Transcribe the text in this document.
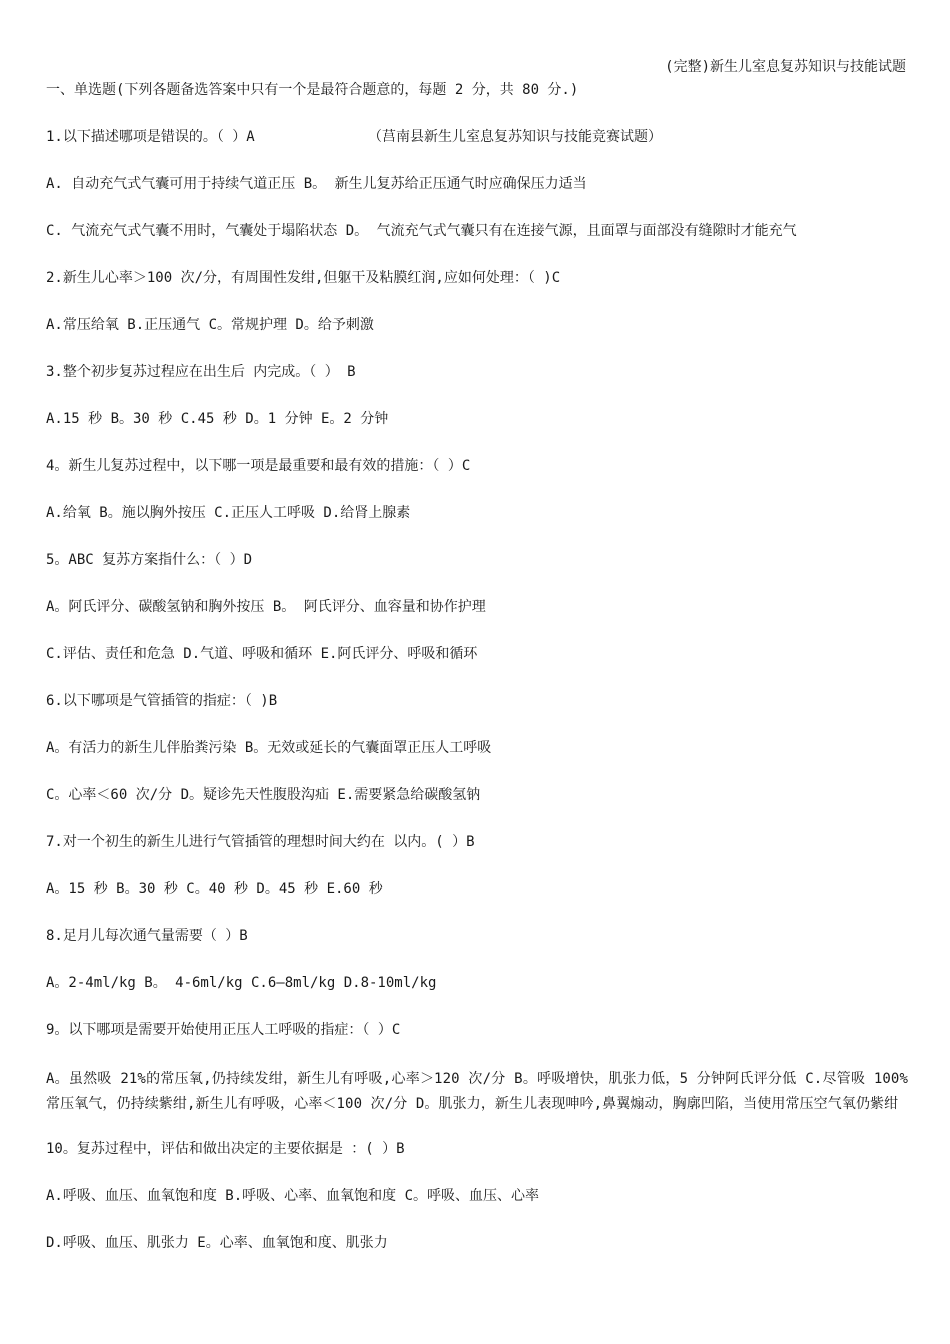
(完整)新生儿室息复苏知识与技能试题
一、单选题(下列各题备选答案中只有一个是最符合题意的，每题 2 分，共 80 分.)
1.以下描述哪项是错误的。（ ）A	（莒南县新生儿室息复苏知识与技能竞赛试题）
A. 自动充气式气囊可用于持续气道正压 B。 新生儿复苏给正压通气时应确保压力适当
C. 气流充气式气囊不用时，气囊处于塌陷状态 D。 气流充气式气囊只有在连接气源，且面罩与面部没有缝隙时才能充气
2.新生儿心率＞100 次/分，有周围性发绀,但躯干及粘膜红润,应如何处理：（ )C
A.常压给氧 B.正压通气 C。常规护理 D。给予刺激
3.整个初步复苏过程应在出生后 内完成。（ ） B
A.15 秒 B。30 秒 C.45 秒 D。1 分钟 E。2 分钟
4。新生儿复苏过程中，以下哪一项是最重要和最有效的措施：（ ）C
A.给氧 B。施以胸外按压 C.正压人工呼吸 D.给肾上腺素
5。ABC 复苏方案指什么：（ ）D
A。阿氏评分、碳酸氢钠和胸外按压 B。 阿氏评分、血容量和协作护理
C.评估、责任和危急 D.气道、呼吸和循环 E.阿氏评分、呼吸和循环
6.以下哪项是气管插管的指症：（ )B
A。有活力的新生儿伴胎粪污染 B。无效或延长的气囊面罩正压人工呼吸
C。心率＜60 次/分 D。疑诊先天性腹股沟疝 E.需要紧急给碳酸氢钠
7.对一个初生的新生儿进行气管插管的理想时间大约在 以内。( ）B
A。15 秒 B。30 秒 C。40 秒 D。45 秒 E.60 秒
8.足月儿每次通气量需要（ ）B
A。2-4ml/kg B。 4-6ml/kg C.6—8ml/kg D.8-10ml/kg
9。以下哪项是需要开始使用正压人工呼吸的指症：（ ）C
A。虽然吸 21%的常压氧,仍持续发绀，新生儿有呼吸,心率＞120 次/分 B。呼吸增快，肌张力低，5 分钟阿氏评分低 C.尽管吸 100%常压氧气，仍持续紫绀,新生儿有呼吸，心率＜100 次/分 D。肌张力，新生儿表现呻吟,鼻翼煽动，胸廓凹陷，当使用常压空气氧仍紫绀
10。复苏过程中，评估和做出决定的主要依据是 ：( ）B
A.呼吸、血压、血氧饱和度 B.呼吸、心率、血氧饱和度 C。呼吸、血压、心率
D.呼吸、血压、肌张力 E。心率、血氧饱和度、肌张力
